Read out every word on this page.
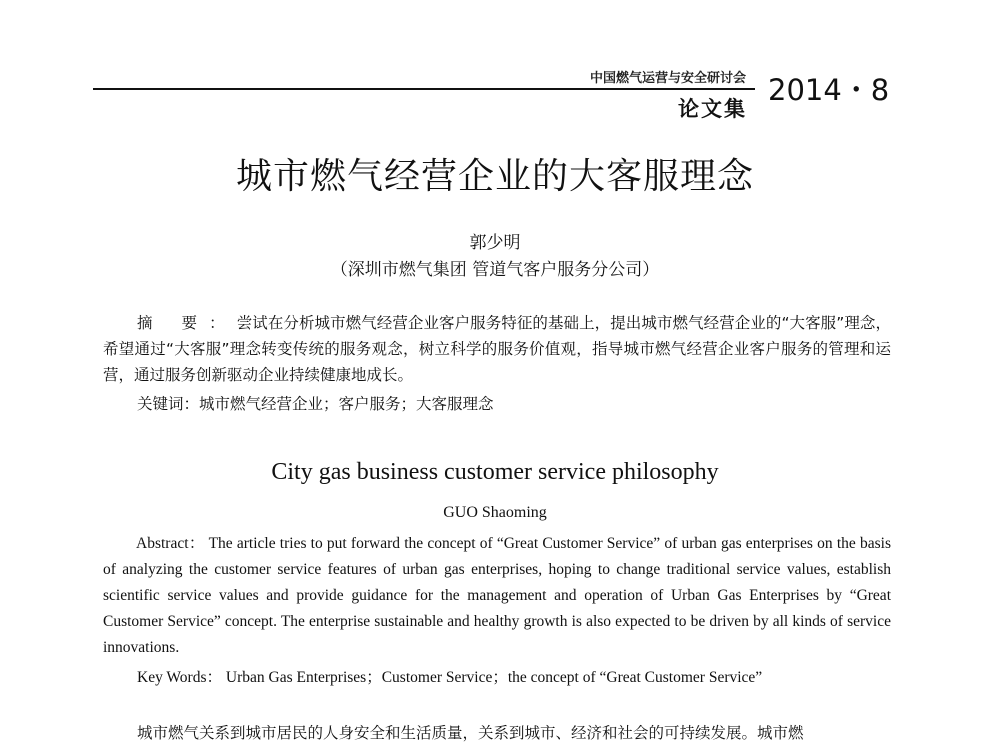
中国燃气运营与安全研讨会
论文集
2014・8
城市燃气经营企业的大客服理念
郭少明
（深圳市燃气集团 管道气客户服务分公司）

摘 要：尝试在分析城市燃气经营企业客户服务特征的基础上，提出城市燃气经营企业的“大客服”理念，希望通过“大客服”理念转变传统的服务观念，树立科学的服务价值观，指导城市燃气经营企业客户服务的管理和运营，通过服务创新驱动企业持续健康地成长。

关键词：城市燃气经营企业；客户服务；大客服理念
City gas business customer service philosophy
GUO Shaoming

Abstract： The article tries to put forward the concept of “Great Customer Service” of urban gas enterprises on the basis of analyzing the customer service features of urban gas enterprises, hoping to change traditional service values, establish scientific service values and provide guidance for the management and operation of Urban Gas Enterprises by “Great Customer Service” concept. The enterprise sustainable and healthy growth is also expected to be driven by all kinds of service innovations.

Key Words： Urban Gas Enterprises；Customer Service；the concept of “Great Customer Service”
城市燃气关系到城市居民的人身安全和生活质量，关系到城市、经济和社会的可持续发展。城市燃
